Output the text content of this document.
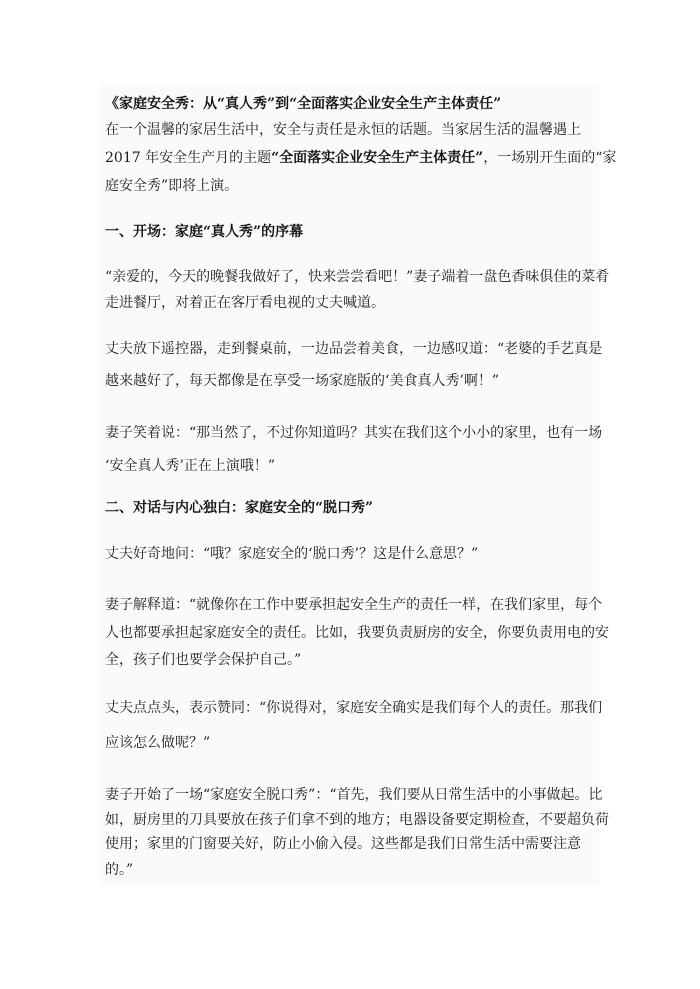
《家庭安全秀：从“真人秀”到“全面落实企业安全生产主体责任”
在一个温馨的家居生活中，安全与责任是永恒的话题。当家居生活的温馨遇上
2017 年安全生产月的主题“全面落实企业安全生产主体责任”，一场别开生面的“家
庭安全秀”即将上演。
一、开场：家庭“真人秀”的序幕
“亲爱的，今天的晚餐我做好了，快来尝尝看吧！”妻子端着一盘色香味俱佳的菜肴
走进餐厅，对着正在客厅看电视的丈夫喊道。
丈夫放下遥控器，走到餐桌前，一边品尝着美食，一边感叹道：“老婆的手艺真是
越来越好了，每天都像是在享受一场家庭版的‘美食真人秀’啊！”
妻子笑着说：“那当然了，不过你知道吗？其实在我们这个小小的家里，也有一场
‘安全真人秀’正在上演哦！”
二、对话与内心独白：家庭安全的“脱口秀”
丈夫好奇地问：“哦？家庭安全的‘脱口秀’？这是什么意思？”
妻子解释道：“就像你在工作中要承担起安全生产的责任一样，在我们家里，每个
人也都要承担起家庭安全的责任。比如，我要负责厨房的安全，你要负责用电的安
全，孩子们也要学会保护自己。”
丈夫点点头，表示赞同：“你说得对，家庭安全确实是我们每个人的责任。那我们
应该怎么做呢？”
妻子开始了一场“家庭安全脱口秀”：“首先，我们要从日常生活中的小事做起。比
如，厨房里的刀具要放在孩子们拿不到的地方；电器设备要定期检查，不要超负荷
使用；家里的门窗要关好，防止小偷入侵。这些都是我们日常生活中需要注意
的。”
